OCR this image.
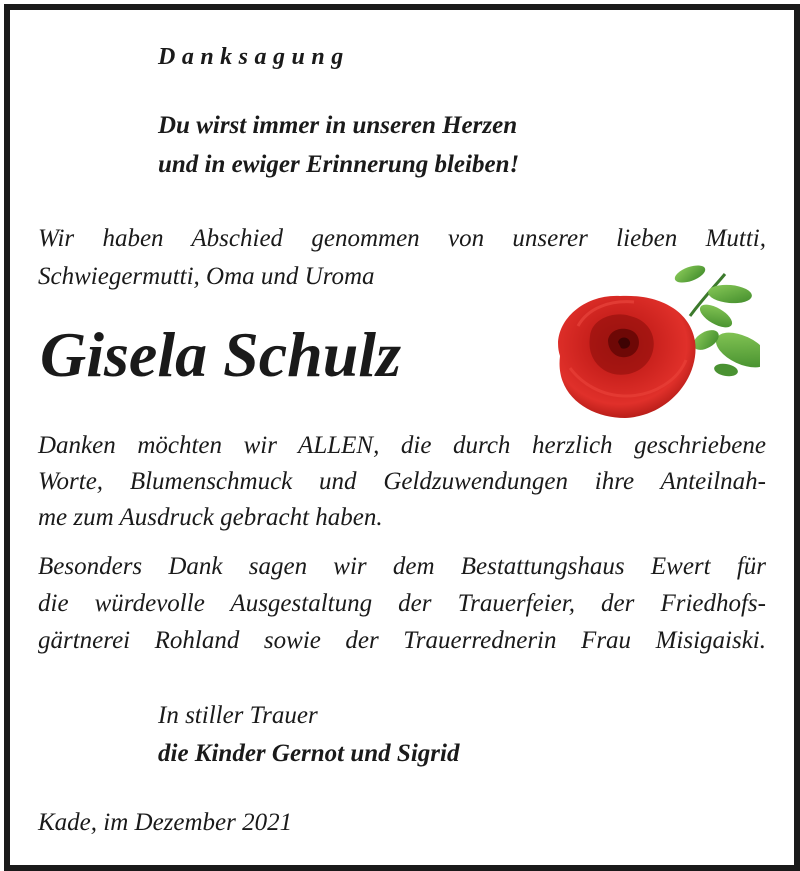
Danksagung
Du wirst immer in unseren Herzen
und in ewiger Erinnerung bleiben!
Wir haben Abschied genommen von unserer lieben Mutti,
Schwiegermutti, Oma und Uroma
Gisela Schulz
Danken möchten wir ALLEN, die durch herzlich geschriebene
Worte, Blumenschmuck und Geldzuwendungen ihre Anteilnah-
me zum Ausdruck gebracht haben.
Besonders Dank sagen wir dem Bestattungshaus Ewert für
die würdevolle Ausgestaltung der Trauerfeier, der Friedhofs-
gärtnerei Rohland sowie der Trauerrednerin Frau Misigaiski.
In stiller Trauer
die Kinder Gernot und Sigrid
Kade, im Dezember 2021
